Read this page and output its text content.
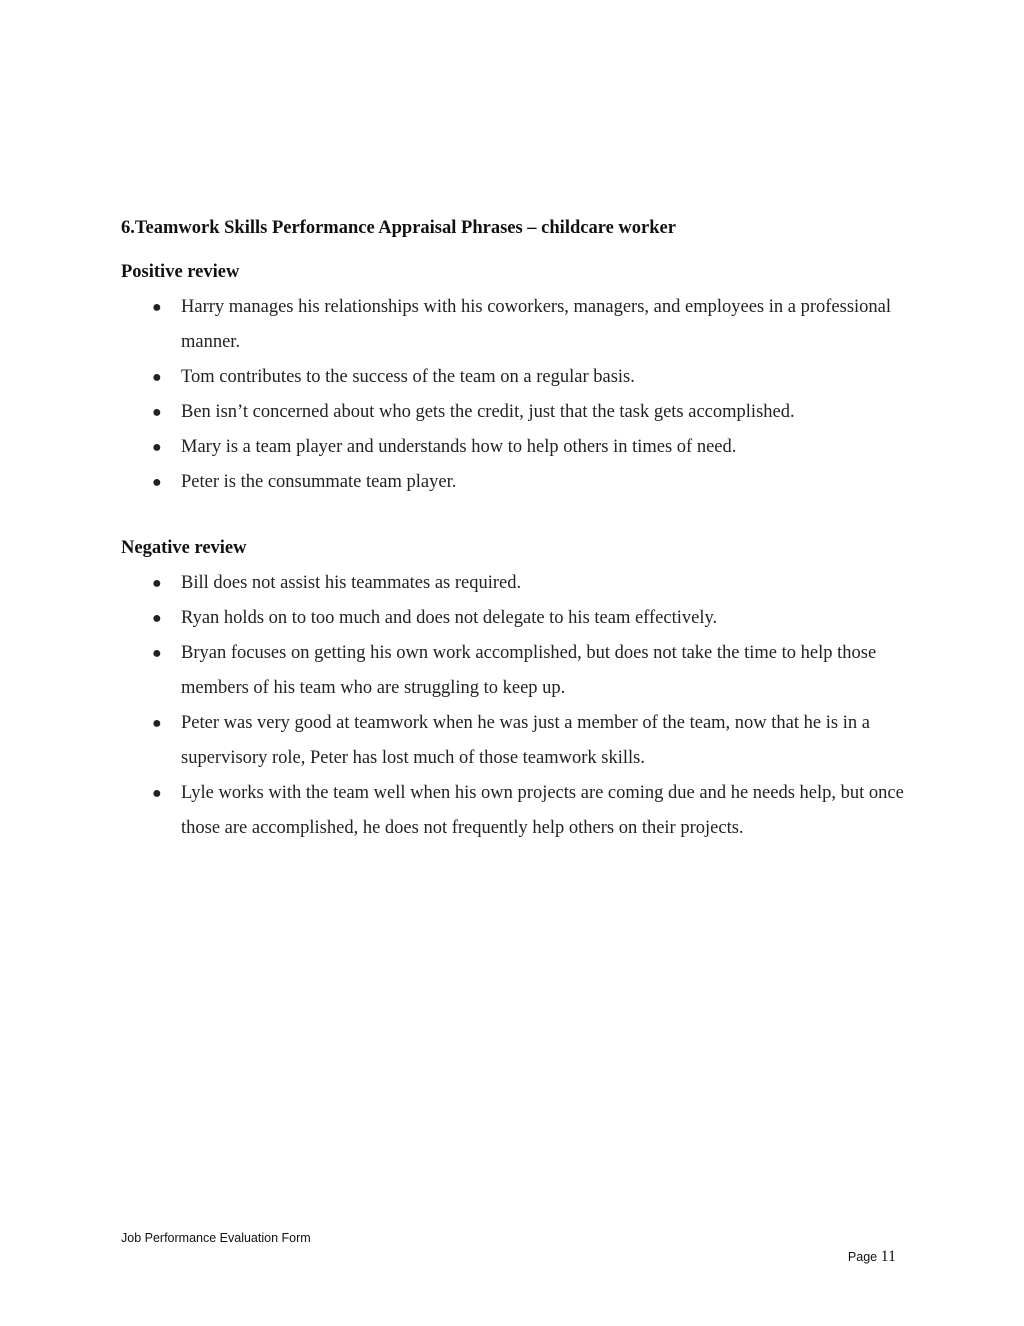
6.Teamwork Skills Performance Appraisal Phrases – childcare worker
Positive review
● Harry manages his relationships with his coworkers, managers, and employees in a professional manner.
● Tom contributes to the success of the team on a regular basis.
● Ben isn’t concerned about who gets the credit, just that the task gets accomplished.
● Mary is a team player and understands how to help others in times of need.
● Peter is the consummate team player.
Negative review
● Bill does not assist his teammates as required.
● Ryan holds on to too much and does not delegate to his team effectively.
● Bryan focuses on getting his own work accomplished, but does not take the time to help those members of his team who are struggling to keep up.
● Peter was very good at teamwork when he was just a member of the team, now that he is in a supervisory role, Peter has lost much of those teamwork skills.
● Lyle works with the team well when his own projects are coming due and he needs help, but once those are accomplished, he does not frequently help others on their projects.
Job Performance Evaluation Form
Page 11
